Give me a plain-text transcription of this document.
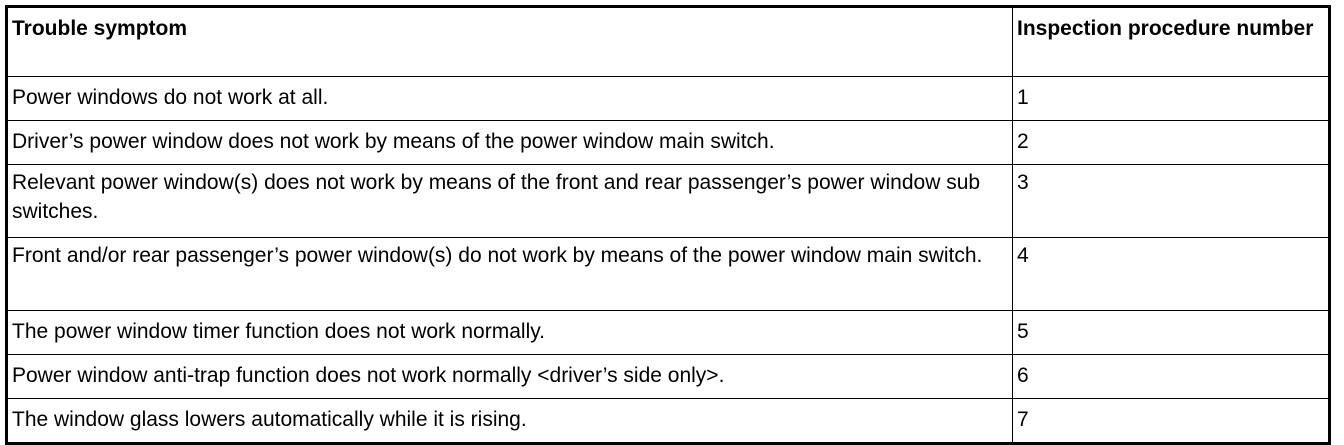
Trouble symptom	Inspection procedure number
Power windows do not work at all.	1
Driver’s power window does not work by means of the power window main switch.	2
Relevant power window(s) does not work by means of the front and rear passenger’s power window sub switches.	3
Front and/or rear passenger’s power window(s) do not work by means of the power window main switch.	4
The power window timer function does not work normally.	5
Power window anti-trap function does not work normally <driver’s side only>.	6
The window glass lowers automatically while it is rising.	7
